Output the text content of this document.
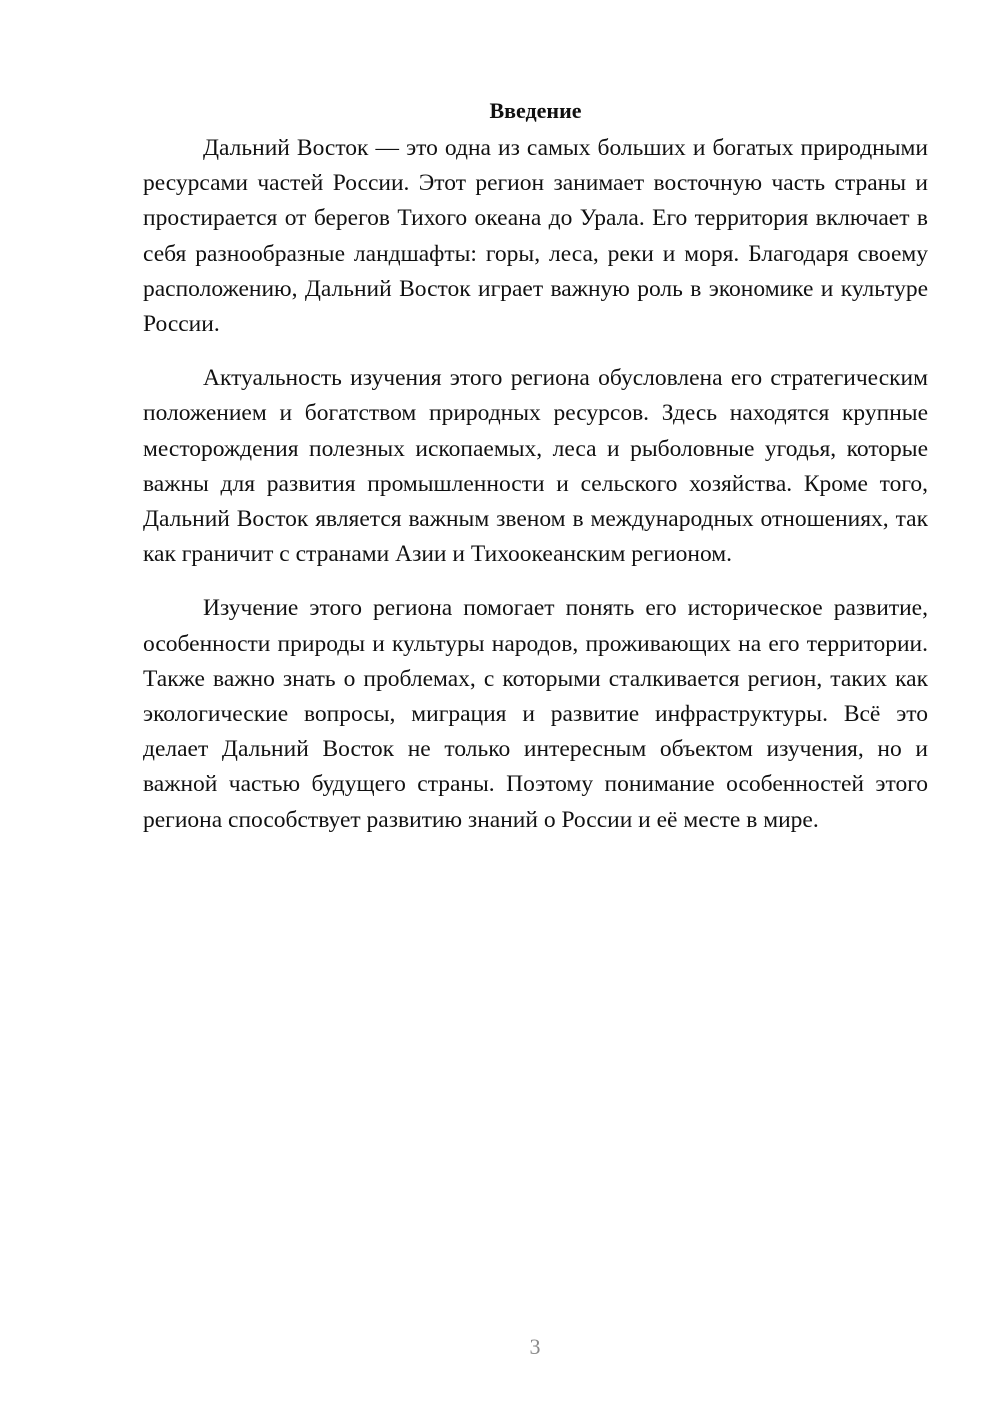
Введение

Дальний Восток — это одна из самых больших и богатых природными ресурсами частей России. Этот регион занимает восточную часть страны и простирается от берегов Тихого океана до Урала. Его территория включает в себя разнообразные ландшафты: горы, леса, реки и моря. Благодаря своему расположению, Дальний Восток играет важную роль в экономике и культуре России.

Актуальность изучения этого региона обусловлена его стратегическим положением и богатством природных ресурсов. Здесь находятся крупные месторождения полезных ископаемых, леса и рыболовные угодья, которые важны для развития промышленности и сельского хозяйства. Кроме того, Дальний Восток является важным звеном в международных отношениях, так как граничит с странами Азии и Тихоокеанским регионом.

Изучение этого региона помогает понять его историческое развитие, особенности природы и культуры народов, проживающих на его территории. Также важно знать о проблемах, с которыми сталкивается регион, таких как экологические вопросы, миграция и развитие инфраструктуры. Всё это делает Дальний Восток не только интересным объектом изучения, но и важной частью будущего страны. Поэтому понимание особенностей этого региона способствует развитию знаний о России и её месте в мире.

3
